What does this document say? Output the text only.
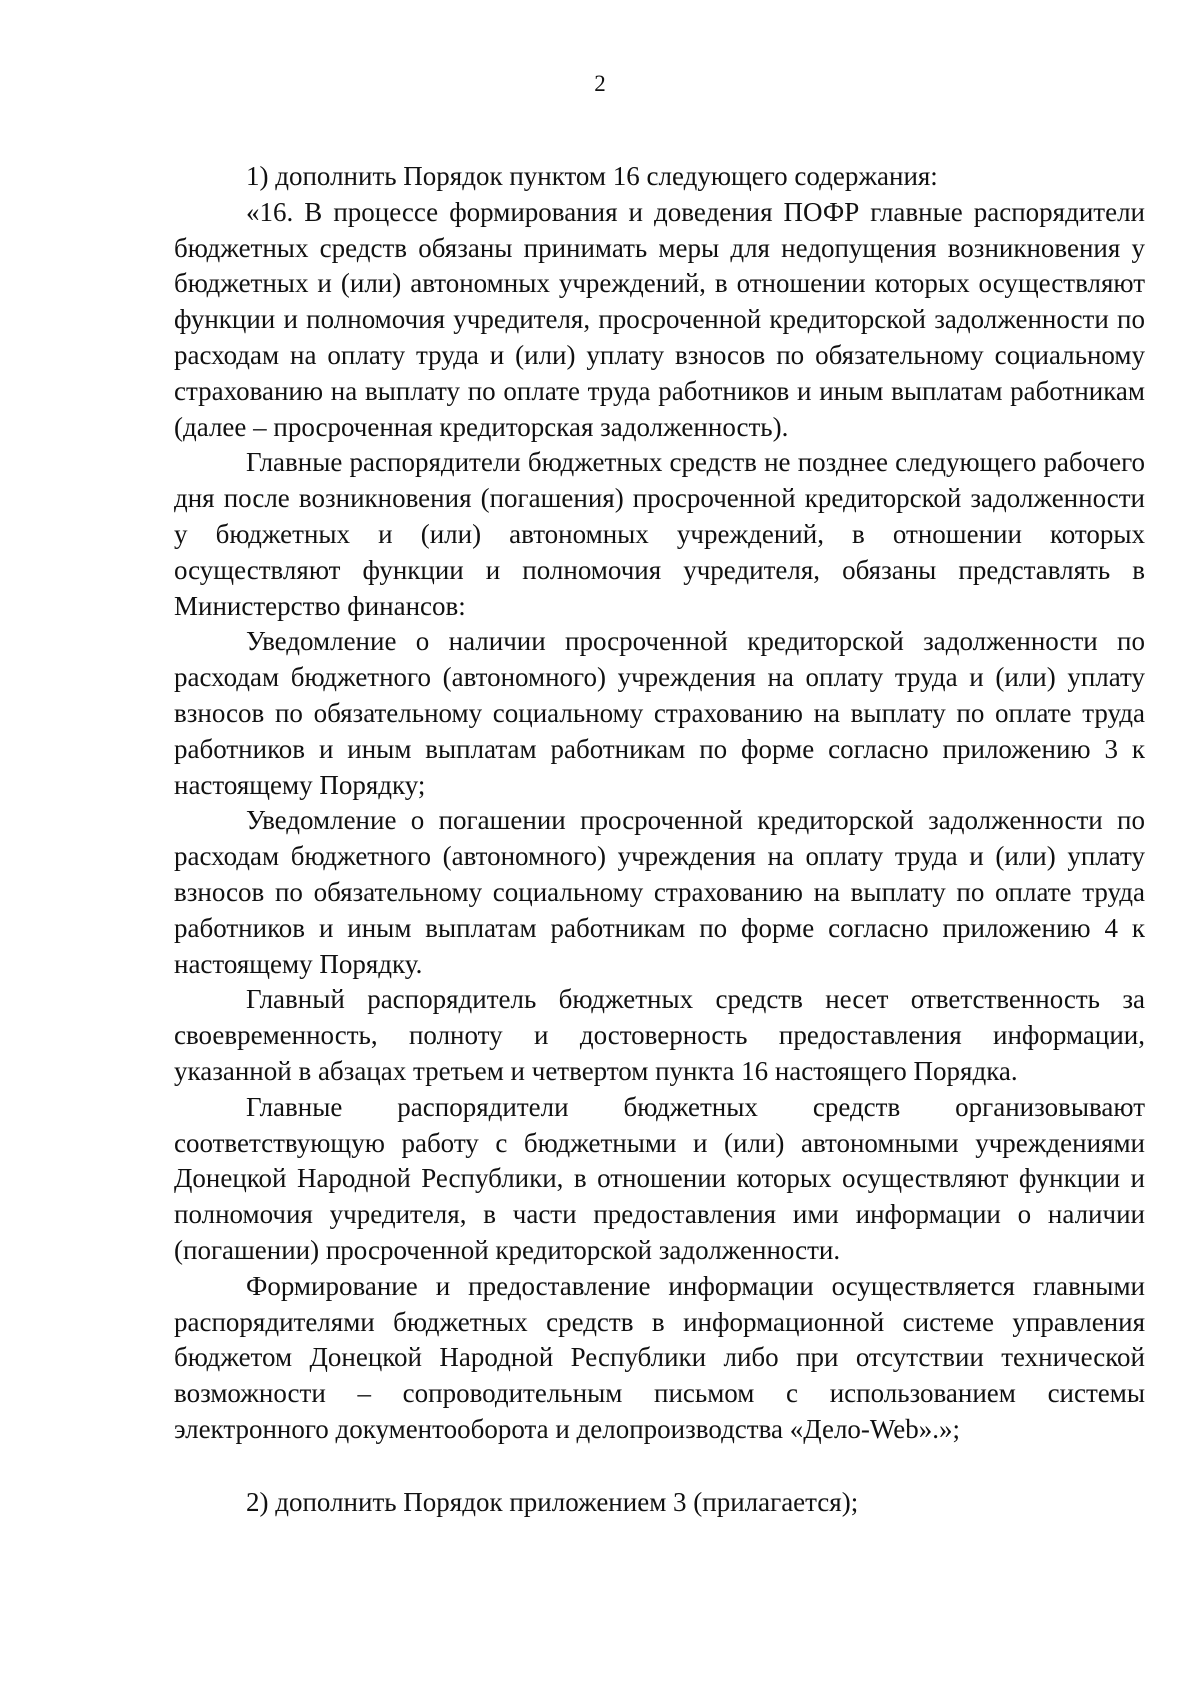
2

1) дополнить Порядок пунктом 16 следующего содержания:

«16. В процессе формирования и доведения ПОФР главные распорядители бюджетных средств обязаны принимать меры для недопущения возникновения у бюджетных и (или) автономных учреждений, в отношении которых осуществляют функции и полномочия учредителя, просроченной кредиторской задолженности по расходам на оплату труда и (или) уплату взносов по обязательному социальному страхованию на выплату по оплате труда работников и иным выплатам работникам (далее – просроченная кредиторская задолженность).

Главные распорядители бюджетных средств не позднее следующего рабочего дня после возникновения (погашения) просроченной кредиторской задолженности у бюджетных и (или) автономных учреждений, в отношении которых осуществляют функции и полномочия учредителя, обязаны представлять в Министерство финансов:

Уведомление о наличии просроченной кредиторской задолженности по расходам бюджетного (автономного) учреждения на оплату труда и (или) уплату взносов по обязательному социальному страхованию на выплату по оплате труда работников и иным выплатам работникам по форме согласно приложению 3 к настоящему Порядку;

Уведомление о погашении просроченной кредиторской задолженности по расходам бюджетного (автономного) учреждения на оплату труда и (или) уплату взносов по обязательному социальному страхованию на выплату по оплате труда работников и иным выплатам работникам по форме согласно приложению 4 к настоящему Порядку.

Главный распорядитель бюджетных средств несет ответственность за своевременность, полноту и достоверность предоставления информации, указанной в абзацах третьем и четвертом пункта 16 настоящего Порядка.

Главные распорядители бюджетных средств организовывают соответствующую работу с бюджетными и (или) автономными учреждениями Донецкой Народной Республики, в отношении которых осуществляют функции и полномочия учредителя, в части предоставления ими информации о наличии (погашении) просроченной кредиторской задолженности.

Формирование и предоставление информации осуществляется главными распорядителями бюджетных средств в информационной системе управления бюджетом Донецкой Народной Республики либо при отсутствии технической возможности – сопроводительным письмом с использованием системы электронного документооборота и делопроизводства «Дело-Web».»;

2) дополнить Порядок приложением 3 (прилагается);
